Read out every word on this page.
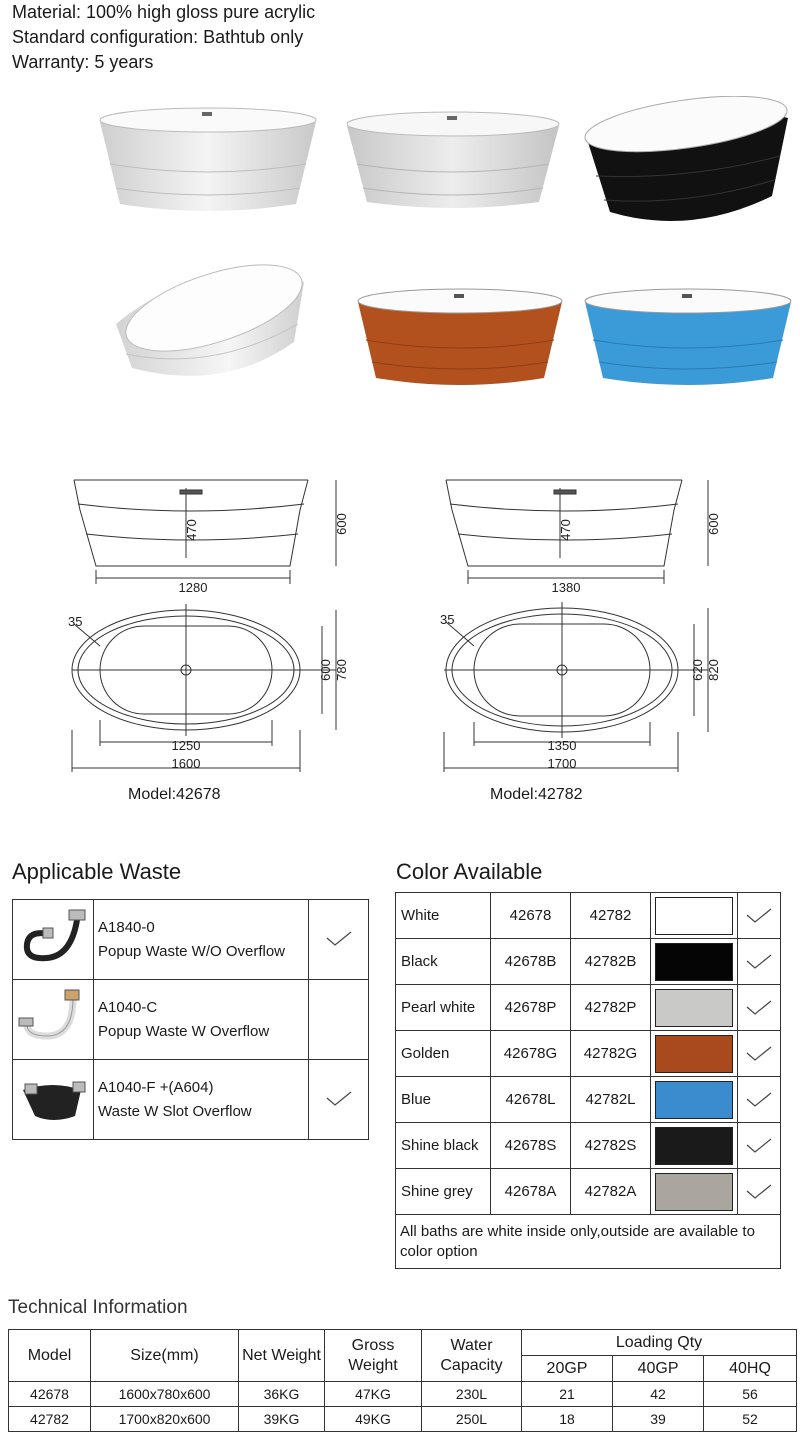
Material: 100% high gloss pure acrylic
Standard configuration: Bathtub only
Warranty: 5 years
470	600
1280
35
600 780
1250
1600
Model:42678
470	600
1380
35
620 820
1350
1700
Model:42782
Applicable Waste

A1840-0
Popup Waste W/O Overflow

A1040-C
Popup Waste W Overflow	

A1040-F +(A604)
Waste W Slot Overflow

Color Available
White	42678	42782	

Black	42678B	42782B	

Pearl white	42678P	42782P	

Golden	42678G	42782G	

Blue	42678L	42782L	

Shine black	42678S	42782S	

Shine grey	42678A	42782A	

All baths are white inside only,outside are available to color option				
Technical Information
Model	Size(mm)	Net Weight	Gross Weight	Water Capacity	Loading Qty		
					20GP	40GP	40HQ
42678	1600x780x600	36KG	47KG	230L	21	42	56
42782	1700x820x600	39KG	49KG	250L	18	39	52
